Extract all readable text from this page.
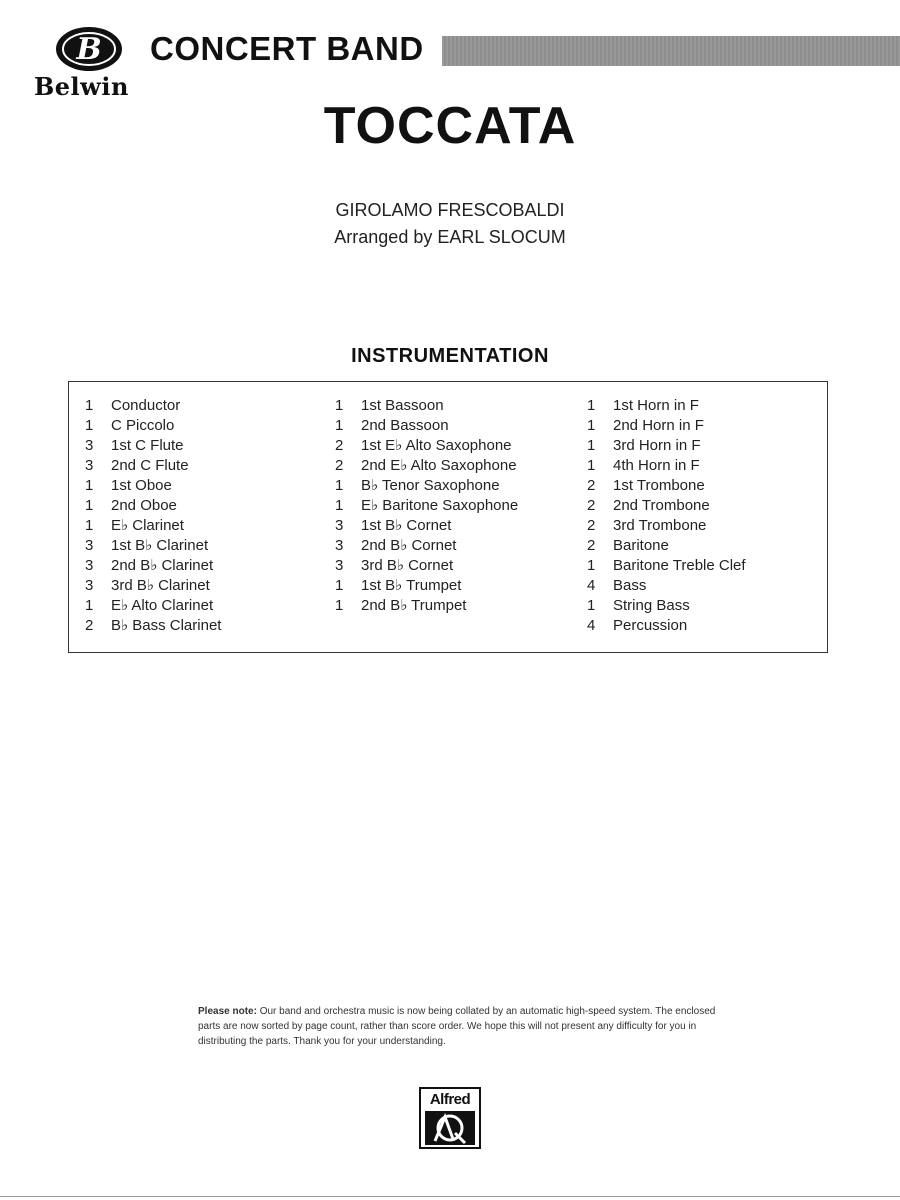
B
Belwin
CONCERT BAND
TOCCATA
GIROLAMO FRESCOBALDI
Arranged by EARL SLOCUM
INSTRUMENTATION
1 Conductor
1 C Piccolo
3 1st C Flute
3 2nd C Flute
1 1st Oboe
1 2nd Oboe
1 E♭ Clarinet
3 1st B♭ Clarinet
3 2nd B♭ Clarinet
3 3rd B♭ Clarinet
1 E♭ Alto Clarinet
2 B♭ Bass Clarinet
1 1st Bassoon
1 2nd Bassoon
2 1st E♭ Alto Saxophone
2 2nd E♭ Alto Saxophone
1 B♭ Tenor Saxophone
1 E♭ Baritone Saxophone
3 1st B♭ Cornet
3 2nd B♭ Cornet
3 3rd B♭ Cornet
1 1st B♭ Trumpet
1 2nd B♭ Trumpet
1 1st Horn in F
1 2nd Horn in F
1 3rd Horn in F
1 4th Horn in F
2 1st Trombone
2 2nd Trombone
2 3rd Trombone
2 Baritone
1 Baritone Treble Clef
4 Bass
1 String Bass
4 Percussion
Please note: Our band and orchestra music is now being collated by an automatic high-speed system. The enclosed parts are now sorted by page count, rather than score order. We hope this will not present any difficulty for you in distributing the parts. Thank you for your understanding.
Alfred
